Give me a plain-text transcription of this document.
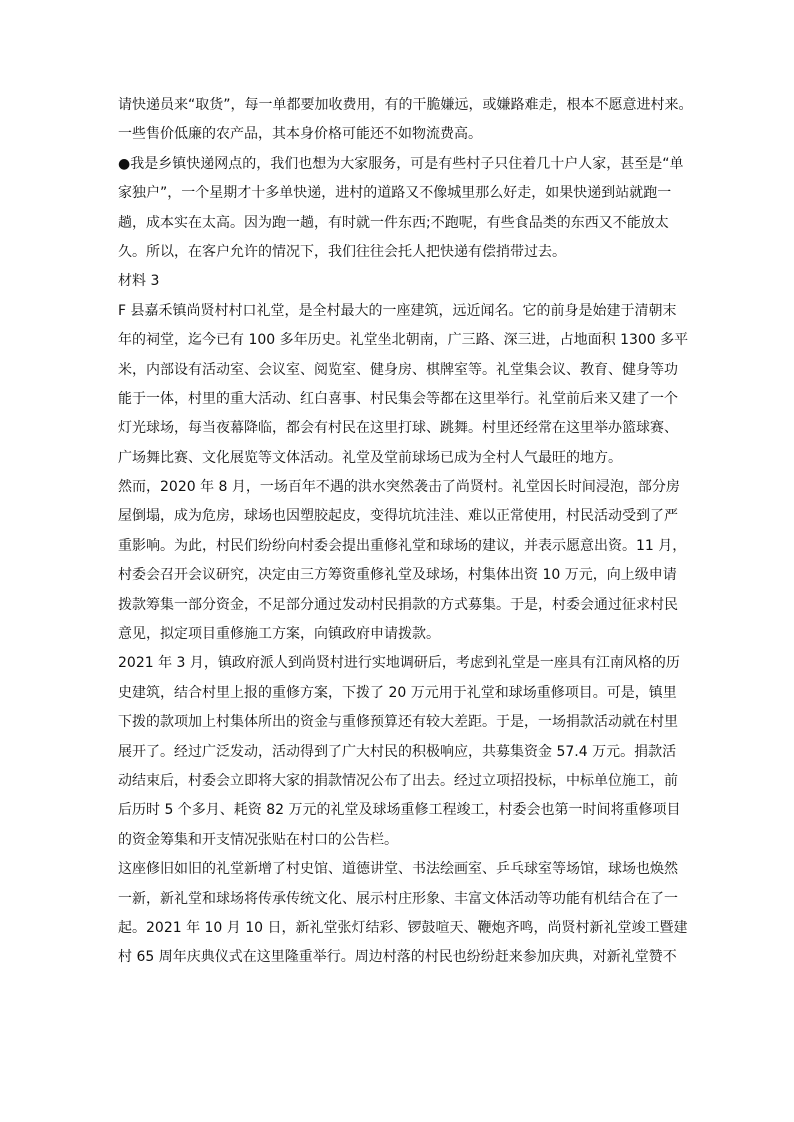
请快递员来“取货”，每一单都要加收费用，有的干脆嫌远，或嫌路难走，根本不愿意进村来。
一些售价低廉的农产品，其本身价格可能还不如物流费高。
●我是乡镇快递网点的，我们也想为大家服务，可是有些村子只住着几十户人家，甚至是“单
家独户”，一个星期才十多单快递，进村的道路又不像城里那么好走，如果快递到站就跑一
趟，成本实在太高。因为跑一趟，有时就一件东西;不跑呢，有些食品类的东西又不能放太
久。所以，在客户允许的情况下，我们往往会托人把快递有偿捎带过去。
材料 3
F 县嘉禾镇尚贤村村口礼堂，是全村最大的一座建筑，远近闻名。它的前身是始建于清朝末
年的祠堂，迄今已有 100 多年历史。礼堂坐北朝南，广三路、深三进，占地面积 1300 多平
米，内部设有活动室、会议室、阅览室、健身房、棋牌室等。礼堂集会议、教育、健身等功
能于一体，村里的重大活动、红白喜事、村民集会等都在这里举行。礼堂前后来又建了一个
灯光球场，每当夜幕降临，都会有村民在这里打球、跳舞。村里还经常在这里举办篮球赛、
广场舞比赛、文化展览等文体活动。礼堂及堂前球场已成为全村人气最旺的地方。
然而，2020 年 8 月，一场百年不遇的洪水突然袭击了尚贤村。礼堂因长时间浸泡，部分房
屋倒塌，成为危房，球场也因塑胶起皮，变得坑坑洼洼、难以正常使用，村民活动受到了严
重影响。为此，村民们纷纷向村委会提出重修礼堂和球场的建议，并表示愿意出资。11 月，
村委会召开会议研究，决定由三方筹资重修礼堂及球场，村集体出资 10 万元，向上级申请
拨款筹集一部分资金，不足部分通过发动村民捐款的方式募集。于是，村委会通过征求村民
意见，拟定项目重修施工方案，向镇政府申请拨款。
2021 年 3 月，镇政府派人到尚贤村进行实地调研后，考虑到礼堂是一座具有江南风格的历
史建筑，结合村里上报的重修方案，下拨了 20 万元用于礼堂和球场重修项目。可是，镇里
下拨的款项加上村集体所出的资金与重修预算还有较大差距。于是，一场捐款活动就在村里
展开了。经过广泛发动，活动得到了广大村民的积极响应，共募集资金 57.4 万元。捐款活
动结束后，村委会立即将大家的捐款情况公布了出去。经过立项招投标，中标单位施工，前
后历时 5 个多月、耗资 82 万元的礼堂及球场重修工程竣工，村委会也第一时间将重修项目
的资金筹集和开支情况张贴在村口的公告栏。
这座修旧如旧的礼堂新增了村史馆、道德讲堂、书法绘画室、乒乓球室等场馆，球场也焕然
一新，新礼堂和球场将传承传统文化、展示村庄形象、丰富文体活动等功能有机结合在了一
起。2021 年 10 月 10 日，新礼堂张灯结彩、锣鼓喧天、鞭炮齐鸣，尚贤村新礼堂竣工暨建
村 65 周年庆典仪式在这里隆重举行。周边村落的村民也纷纷赶来参加庆典，对新礼堂赞不
